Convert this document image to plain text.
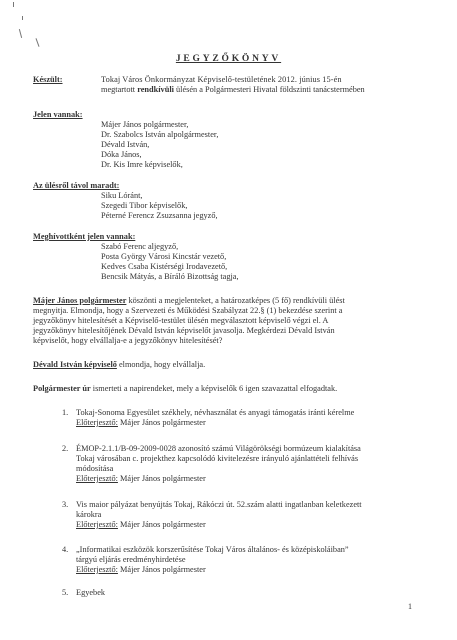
JEGYZŐKÖNYV
Készült:	Tokaj Város Önkormányzat Képviselő-testületének 2012. június 15-én
megtartott rendkívüli ülésén a Polgármesteri Hivatal földszinti tanácstermében
Jelen vannak:
Májer János polgármester,
Dr. Szabolcs István alpolgármester,
Dévald István,
Dóka János,
Dr. Kis Imre képviselők,
Az ülésről távol maradt:
Siku Lóránt,
Szegedi Tibor képviselők,
Péterné Ferencz Zsuzsanna jegyző,
Meghívottként jelen vannak:
Szabó Ferenc aljegyző,
Posta György Városi Kincstár vezető,
Kedves Csaba Kistérségi Irodavezető,
Bencsik Mátyás, a Bíráló Bizottság tagja,
Májer János polgármester köszönti a megjelenteket, a határozatképes (5 fő) rendkívüli ülést
megnyitja. Elmondja, hogy a Szervezeti és Működési Szabályzat 22.§ (1) bekezdése szerint a
jegyzőkönyv hitelesítését a Képviselő-testület ülésén megválasztott képviselő végzi el. A
jegyzőkönyv hitelesítőjének Dévald István képviselőt javasolja. Megkérdezi Dévald István
képviselőt, hogy elvállalja-e a jegyzőkönyv hitelesítését?
Dévald István képviselő elmondja, hogy elvállalja.
Polgármester úr ismerteti a napirendeket, mely a képviselők 6 igen szavazattal elfogadtak.
1. Tokaj-Sonoma Egyesület székhely, névhasználat és anyagi támogatás iránti kérelme
Előterjesztő: Májer János polgármester
2. ÉMOP-2.1.1/B-09-2009-0028 azonosító számú Világörökségi bormúzeum kialakítása
Tokaj városában c. projekthez kapcsolódó kivitelezésre irányuló ajánlattételi felhívás
módosítása
Előterjesztő: Májer János polgármester
3. Vis maior pályázat benyújtás Tokaj, Rákóczi út. 52.szám alatti ingatlanban keletkezett
károkra
Előterjesztő: Májer János polgármester
4. „Informatikai eszközök korszerűsítése Tokaj Város általános- és középiskoláiban”
tárgyú eljárás eredményhirdetése
Előterjesztő: Májer János polgármester
5. Egyebek
1
